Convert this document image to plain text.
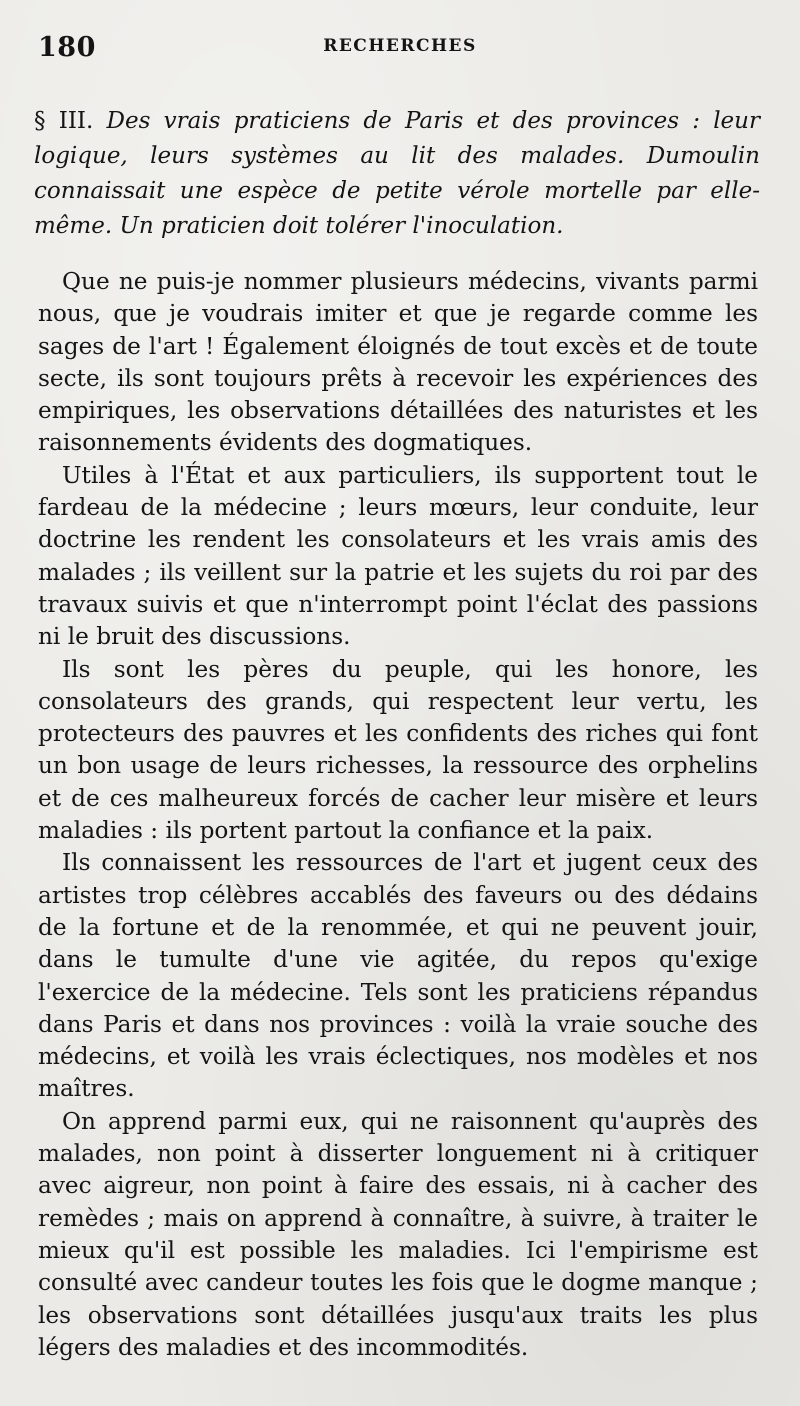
180	RECHERCHES

§ III. Des vrais praticiens de Paris et des provinces : leur logique, leurs systèmes au lit des malades. Dumoulin connaissait une espèce de petite vérole mortelle par elle-même. Un praticien doit tolérer l'inoculation.

Que ne puis-je nommer plusieurs médecins, vivants parmi nous, que je voudrais imiter et que je regarde comme les sages de l'art ! Également éloignés de tout excès et de toute secte, ils sont toujours prêts à recevoir les expériences des empiriques, les observations détaillées des naturistes et les raisonnements évidents des dogmatiques.

Utiles à l'État et aux particuliers, ils supportent tout le fardeau de la médecine ; leurs mœurs, leur conduite, leur doctrine les rendent les consolateurs et les vrais amis des malades ; ils veillent sur la patrie et les sujets du roi par des travaux suivis et que n'interrompt point l'éclat des passions ni le bruit des discussions.

Ils sont les pères du peuple, qui les honore, les consolateurs des grands, qui respectent leur vertu, les protecteurs des pauvres et les confidents des riches qui font un bon usage de leurs richesses, la ressource des orphelins et de ces malheureux forcés de cacher leur misère et leurs maladies : ils portent partout la confiance et la paix.

Ils connaissent les ressources de l'art et jugent ceux des artistes trop célèbres accablés des faveurs ou des dédains de la fortune et de la renommée, et qui ne peuvent jouir, dans le tumulte d'une vie agitée, du repos qu'exige l'exercice de la médecine. Tels sont les praticiens répandus dans Paris et dans nos provinces : voilà la vraie souche des médecins, et voilà les vrais éclectiques, nos modèles et nos maîtres.

On apprend parmi eux, qui ne raisonnent qu'auprès des malades, non point à disserter longuement ni à critiquer avec aigreur, non point à faire des essais, ni à cacher des remèdes ; mais on apprend à connaître, à suivre, à traiter le mieux qu'il est possible les maladies. Ici l'empirisme est consulté avec candeur toutes les fois que le dogme manque ; les observations sont détaillées jusqu'aux traits les plus légers des maladies et des incommodités.
